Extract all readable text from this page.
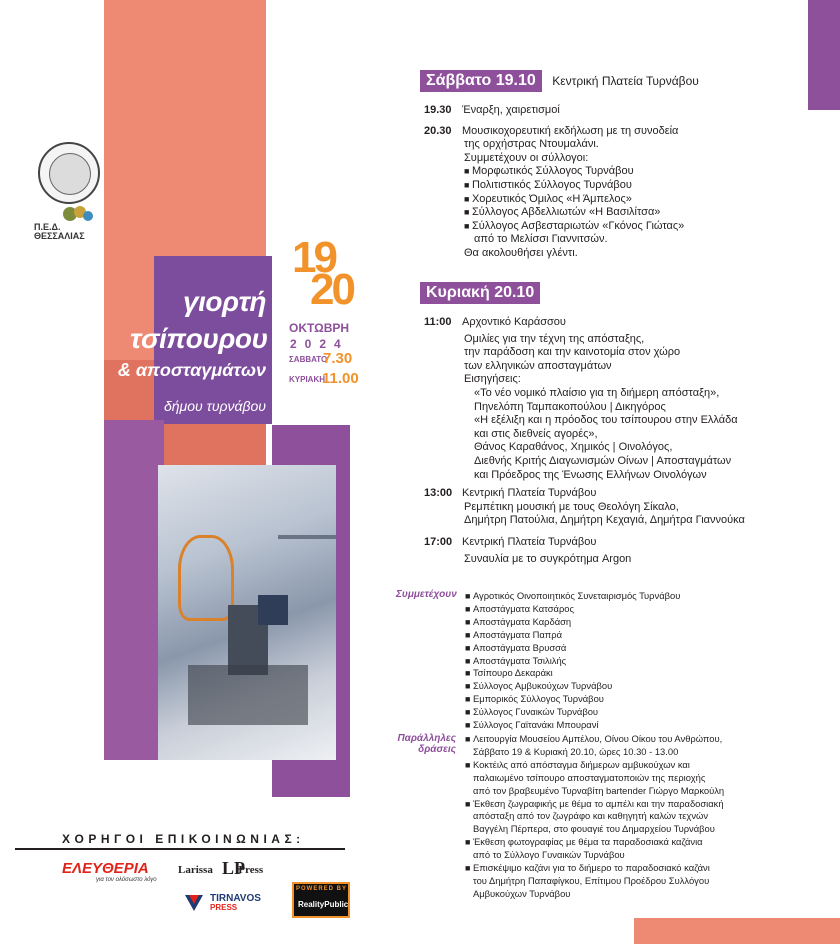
γιορτή
τσίπουρου
& αποσταγμάτων
δήμου τυρνάβου
19
20
ΟΚΤΩΒΡΗ
2024
ΣΑΒΒΑΤΟ
7.30
ΚΥΡΙΑΚΗ
11.00
Π.Ε.Δ.
ΘΕΣΣΑΛΙΑΣ
Σάββατο 19.10 Κεντρική Πλατεία Τυρνάβου
19.30 Έναρξη, χαιρετισμοί
20.30 Μουσικοχορευτική εκδήλωση με τη συνοδεία
της ορχήστρας Ντουμαλάνι.
Συμμετέχουν οι σύλλογοι:
■ Μορφωτικός Σύλλογος Τυρνάβου
■ Πολιτιστικός Σύλλογος Τυρνάβου
■ Χορευτικός Όμιλος «Η Άμπελος»
■ Σύλλογος Αβδελλιωτών «Η Βασιλίτσα»
■ Σύλλογος Ασβεσταριωτών «Γκόνος Γιώτας»
από το Μελίσσι Γιαννιτσών.
Θα ακολουθήσει γλέντι.
Κυριακή 20.10
11:00 Αρχοντικό Καράσσου
Ομιλίες για την τέχνη της απόσταξης,
την παράδοση και την καινοτομία στον χώρο
των ελληνικών αποσταγμάτων
Εισηγήσεις:
«Το νέο νομικό πλαίσιο για τη διήμερη απόσταξη»,
Πηνελόπη Ταμπακοπούλου | Δικηγόρος
«Η εξέλιξη και η πρόοδος του τσίπουρου στην Ελλάδα
και στις διεθνείς αγορές»,
Θάνος Καραθάνος, Χημικός | Οινολόγος,
Διεθνής Κριτής Διαγωνισμών Οίνων | Αποσταγμάτων
και Πρόεδρος της Ένωσης Ελλήνων Οινολόγων
13:00 Κεντρική Πλατεία Τυρνάβου
Ρεμπέτικη μουσική με τους Θεολόγη Σίκαλο,
Δημήτρη Πατούλια, Δημήτρη Κεχαγιά, Δημήτρα Γιαννούκα
17:00 Κεντρική Πλατεία Τυρνάβου
Συναυλία με το συγκρότημα Argon
Συμμετέχουν
■	Αγροτικός Οινοποιητικός Συνεταιρισμός Τυρνάβου
■ Αποστάγματα Κατσάρος
■ Αποστάγματα Καρδάση
■ Αποστάγματα Παπρά
■ Αποστάγματα Βρυσσά
■ Αποστάγματα Τσιλιλής
■ Τσίπουρο Δεκαράκι
■ Σύλλογος Αμβυκούχων Τυρνάβου
■ Εμπορικός Σύλλογος Τυρνάβου
■ Σύλλογος Γυναικών Τυρνάβου
■ Σύλλογος Γαϊτανάκι Μπουρανί
Παράλληλες
δράσεις
■ Λειτουργία Μουσείου Αμπέλου, Οίνου Οίκου του Ανθρώπου,
Σάββατο 19 & Κυριακή 20.10, ώρες 10.30 - 13.00
■ Κοκτέιλς από απόσταγμα διήμερων αμβυκούχων και
παλαιωμένο τσίπουρο αποσταγματοποιών της περιοχής
από τον βραβευμένο Τυρναβίτη bartender Γιώργο Μαρκούλη
■ Έκθεση ζωγραφικής με θέμα το αμπέλι και την παραδοσιακή
απόσταξη από τον ζωγράφο και καθηγητή καλών τεχνών
Βαγγέλη Πέρπερα, στο φουαγιέ του Δημαρχείου Τυρνάβου
■ Έκθεση φωτογραφίας με θέμα τα παραδοσιακά καζάνια
από το Σύλλογο Γυναικών Τυρνάβου
■ Επισκέψιμο καζάνι για το διήμερο το παραδοσιακό καζάνι
του Δημήτρη Παπαφίγκου, Επίτιμου Προέδρου Συλλόγου
Αμβυκούχων Τυρνάβου
ΧΟΡΗΓΟΙ ΕΠΙΚΟΙΝΩΝΙΑΣ:
ΕΛΕΥΘΕΡΙΑ
για τον ολόσωστο λόγο
Larissa Press
LP
TIRNAVOS
PRESS
POWERED BY
RealityPublic
